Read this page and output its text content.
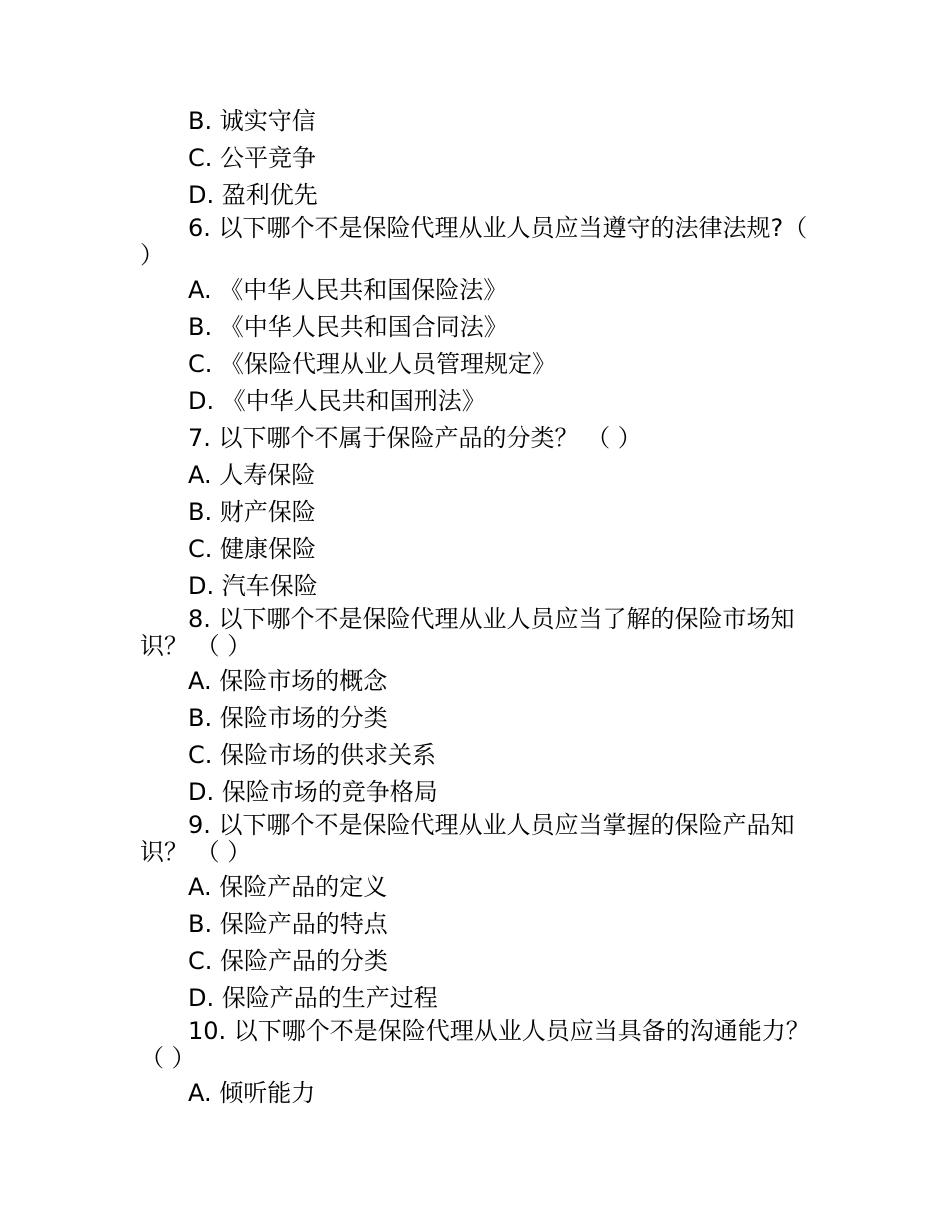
B. 诚实守信
C. 公平竞争
D. 盈利优先
6. 以下哪个不是保险代理从业人员应当遵守的法律法规?（ ）
A. 《中华人民共和国保险法》
B. 《中华人民共和国合同法》
C. 《保险代理从业人员管理规定》
D. 《中华人民共和国刑法》
7. 以下哪个不属于保险产品的分类？ （ ）
A. 人寿保险
B. 财产保险
C. 健康保险
D. 汽车保险
8. 以下哪个不是保险代理从业人员应当了解的保险市场知识？ （ ）
A. 保险市场的概念
B. 保险市场的分类
C. 保险市场的供求关系
D. 保险市场的竞争格局
9. 以下哪个不是保险代理从业人员应当掌握的保险产品知识？ （ ）
A. 保险产品的定义
B. 保险产品的特点
C. 保险产品的分类
D. 保险产品的生产过程
10. 以下哪个不是保险代理从业人员应当具备的沟通能力？ （ ）
A. 倾听能力
